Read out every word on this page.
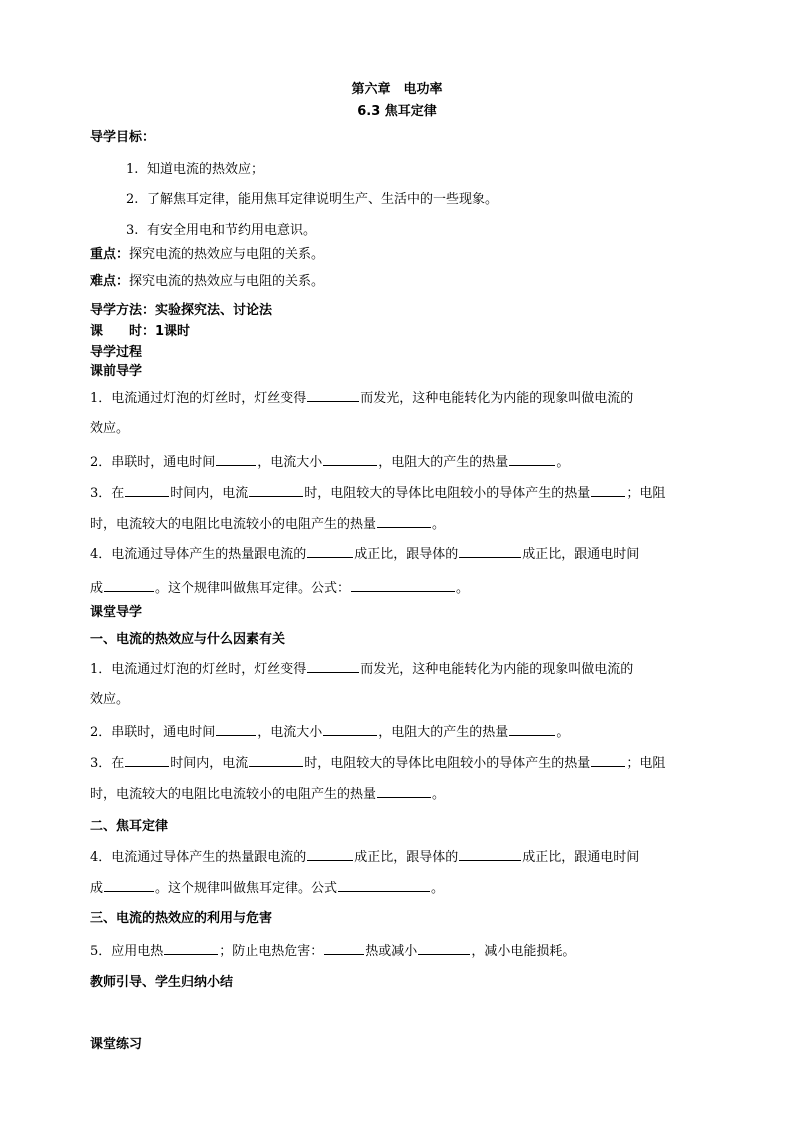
第六章　电功率
6.3 焦耳定律
导学目标：
1. 知道电流的热效应；
2. 了解焦耳定律，能用焦耳定律说明生产、生活中的一些现象。
3. 有安全用电和节约用电意识。
重点：探究电流的热效应与电阻的关系。
难点：探究电流的热效应与电阻的关系。
导学方法：实验探究法、讨论法
课　　时：1课时
导学过程
课前导学
1．电流通过灯泡的灯丝时，灯丝变得	而发光，这种电能转化为内能的现象叫做电流的
效应。
2．串联时，通电时间	，电流大小	，电阻大的产生的热量	。
3．在	时间内，电流	时，电阻较大的导体比电阻较小的导体产生的热量	；电阻
时，电流较大的电阻比电流较小的电阻产生的热量	。
4．电流通过导体产生的热量跟电流的	成正比，跟导体的	成正比，跟通电时间
成	。这个规律叫做焦耳定律。公式：	。
课堂导学
一、电流的热效应与什么因素有关
1．电流通过灯泡的灯丝时，灯丝变得	而发光，这种电能转化为内能的现象叫做电流的
效应。
2．串联时，通电时间	，电流大小	，电阻大的产生的热量	。
3．在	时间内，电流	时，电阻较大的导体比电阻较小的导体产生的热量	；电阻
时，电流较大的电阻比电流较小的电阻产生的热量	。
二、焦耳定律
4．电流通过导体产生的热量跟电流的	成正比，跟导体的	成正比，跟通电时间
成	。这个规律叫做焦耳定律。公式	。
三、电流的热效应的利用与危害
5．应用电热	；防止电热危害：	热或减小	，减小电能损耗。
教师引导、学生归纳小结
课堂练习
